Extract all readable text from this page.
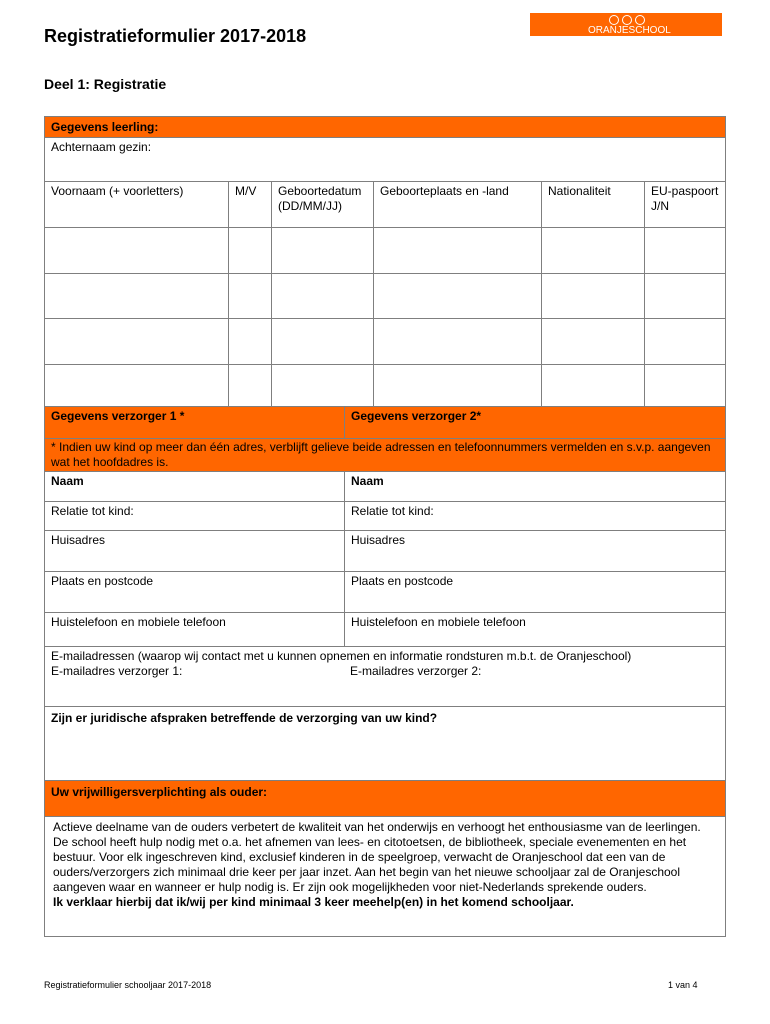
ORANJESCHOOL
Registratieformulier 2017-2018
Deel 1: Registratie
Gegevens leerling:					
Achternaam gezin:					
Voornaam (+ voorletters)	M/V	Geboortedatum (DD/MM/JJ)	Geboorteplaats en -land	Nationaliteit	EU-paspoort J/N

Gegevens verzorger 1 *	Gegevens verzorger 2*
* Indien uw kind op meer dan één adres, verblijft gelieve beide adressen en telefoonnummers vermelden en s.v.p. aangeven wat het hoofdadres is.	
Naam	Naam
Relatie tot kind:	Relatie tot kind:
Huisadres	Huisadres
Plaats en postcode	Plaats en postcode
Huistelefoon en mobiele telefoon	Huistelefoon en mobiele telefoon

E-mailadressen (waarop wij contact met u kunnen opnemen en informatie rondsturen m.b.t. de Oranjeschool)
E-mailadres verzorger 1: E-mailadres verzorger 2:	

Zijn er juridische afspraken betreffende de verzorging van uw kind?	
Uw vrijwilligersverplichting als ouder:	
Actieve deelname van de ouders verbetert de kwaliteit van het onderwijs en verhoogt het enthousiasme van de leerlingen. De school heeft hulp nodig met o.a. het afnemen van lees- en citotoetsen, de bibliotheek, speciale evenementen en het bestuur. Voor elk ingeschreven kind, exclusief kinderen in de speelgroep, verwacht de Oranjeschool dat een van de ouders/verzorgers zich minimaal drie keer per jaar inzet. Aan het begin van het nieuwe schooljaar zal de Oranjeschool aangeven waar en wanneer er hulp nodig is. Er zijn ook mogelijkheden voor niet-Nederlands sprekende ouders.
Ik verklaar hierbij dat ik/wij per kind minimaal 3 keer meehelp(en) in het komend schooljaar.	
Registratieformulier schooljaar 2017-2018	1 van 4
